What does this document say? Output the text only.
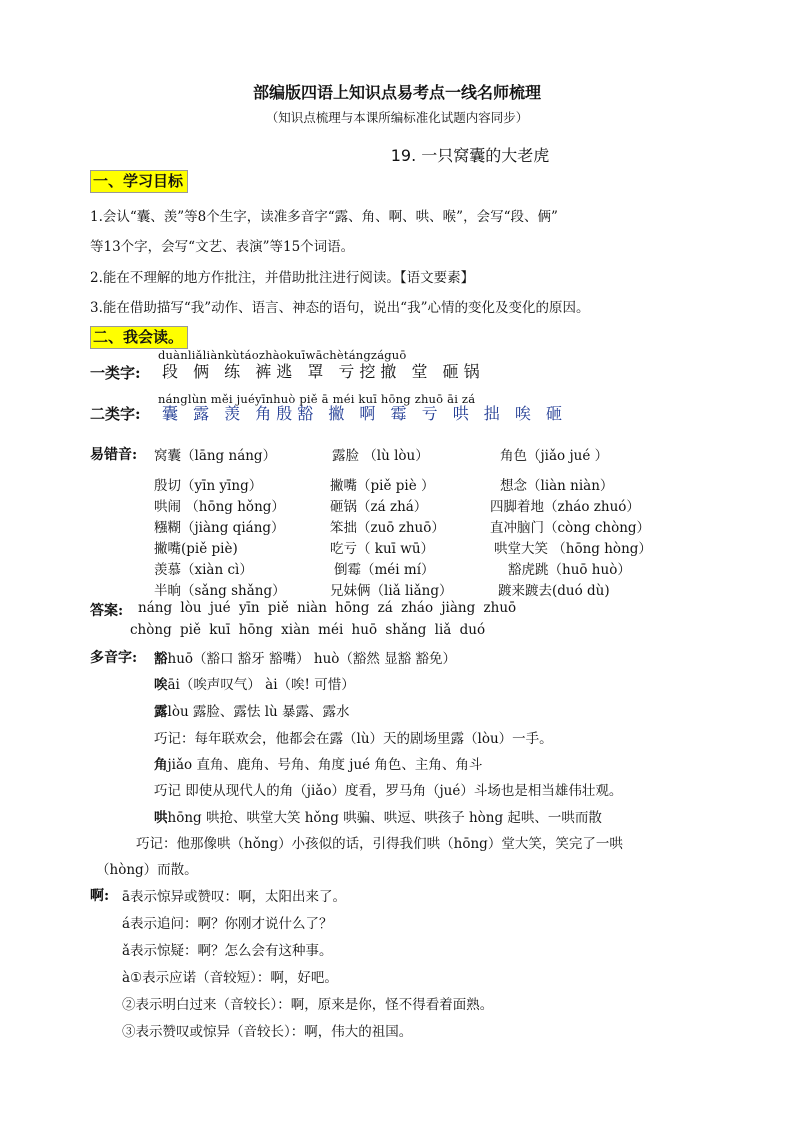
部编版四语上知识点易考点一线名师梳理
（知识点梳理与本课所编标准化试题内容同步）
19. 一只窝囊的大老虎
一、学习目标
1.会认“囊、羡”等8个生字，读准多音字“露、角、啊、哄、喉”，会写“段、俩”
等13个字，会写“文艺、表演”等15个词语。
2.能在不理解的地方作批注，并借助批注进行阅读。【语文要素】
3.能在借助描写“我”动作、语言、神态的语句，说出“我”心情的变化及变化的原因。
二、我会读。
duànliǎliànkùtáozhàokuīwāchètángzáguō
一类字: 段 俩 练 裤逃 罩 亏挖撤 堂 砸锅
nánglùn měi juéyīnhuò piě ā méi kuī hōng zhuō āi zá
二类字: 囊 露 羡 角殷豁 撇 啊 霉 亏 哄 拙 唉 砸
易错音: 窝囊（lāng náng）	露脸 （lù lòu）	角色（jiǎo jué ）
殷切（yīn yīng）	撇嘴（piě piè ）	想念（liàn niàn）
哄闹 （hōng hǒng）	砸锅（zá zhá）	四脚着地（zháo zhuó）
糨糊（jiàng qiáng）	笨拙（zuō zhuō）	直冲脑门（còng chòng）
撇嘴(piě piè)	吃亏（ kuī wū）	哄堂大笑 （hōng hòng）
羡慕（xiàn cì）	倒霉（méi mí）	豁虎跳（huō huò）
半晌（sǎng shǎng）	兄妹俩（liǎ liǎng）	踱来踱去(duó dù)
答案: náng lòu jué yīn piě niàn hōng zá zháo jiàng zhuō
chòng piě kuī hōng xiàn méi huō shǎng liǎ duó
多音字: 豁huō（豁口 豁牙 豁嘴） huò（豁然 显豁 豁免）
唉āi（唉声叹气） ài（唉! 可惜）
露lòu 露脸、露怯 lù 暴露、露水
巧记：每年联欢会，他都会在露（lù）天的剧场里露（lòu）一手。
角jiǎo 直角、鹿角、号角、角度 jué 角色、主角、角斗
巧记 即使从现代人的角（jiǎo）度看，罗马角（jué）斗场也是相当雄伟壮观。
哄hōng 哄抢、哄堂大笑 hǒng 哄骗、哄逗、哄孩子 hòng 起哄、一哄而散
巧记：他那像哄（hǒng）小孩似的话，引得我们哄（hōng）堂大笑，笑完了一哄
（hòng）而散。
啊: ā表示惊异或赞叹：啊，太阳出来了。
á表示追问：啊？你刚才说什么了？
ǎ表示惊疑：啊？怎么会有这种事。
à①表示应诺（音较短）：啊，好吧。
②表示明白过来（音较长）：啊，原来是你，怪不得看着面熟。
③表示赞叹或惊异（音较长）：啊，伟大的祖国。
